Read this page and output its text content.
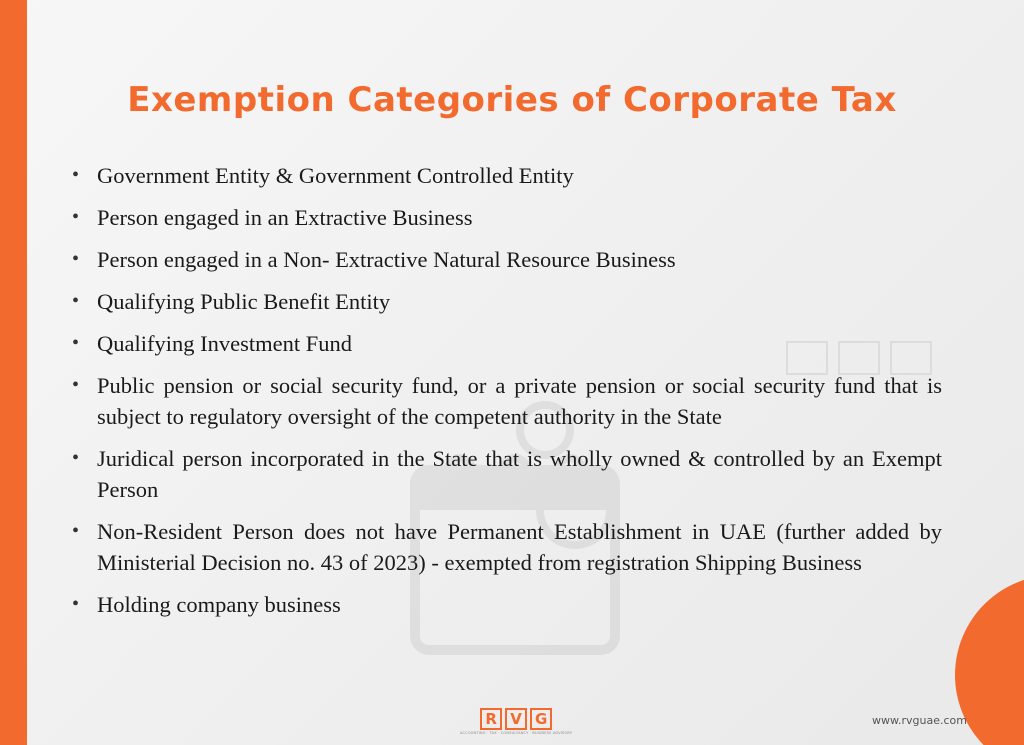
Exemption Categories of Corporate Tax
• Government Entity & Government Controlled Entity
• Person engaged in an Extractive Business
• Person engaged in a Non- Extractive Natural Resource Business
• Qualifying Public Benefit Entity
• Qualifying Investment Fund
• Public pension or social security fund, or a private pension or social security fund that is subject to regulatory oversight of the competent authority in the State
• Juridical person incorporated in the State that is wholly owned & controlled by an Exempt Person
• Non-Resident Person does not have Permanent Establishment in UAE (further added by Ministerial Decision no. 43 of 2023) - exempted from registration Shipping Business
• Holding company business
R V G
ACCOUNTING · TAX · CONSULTANCY · BUSINESS ADVISORY
www.rvguae.com
